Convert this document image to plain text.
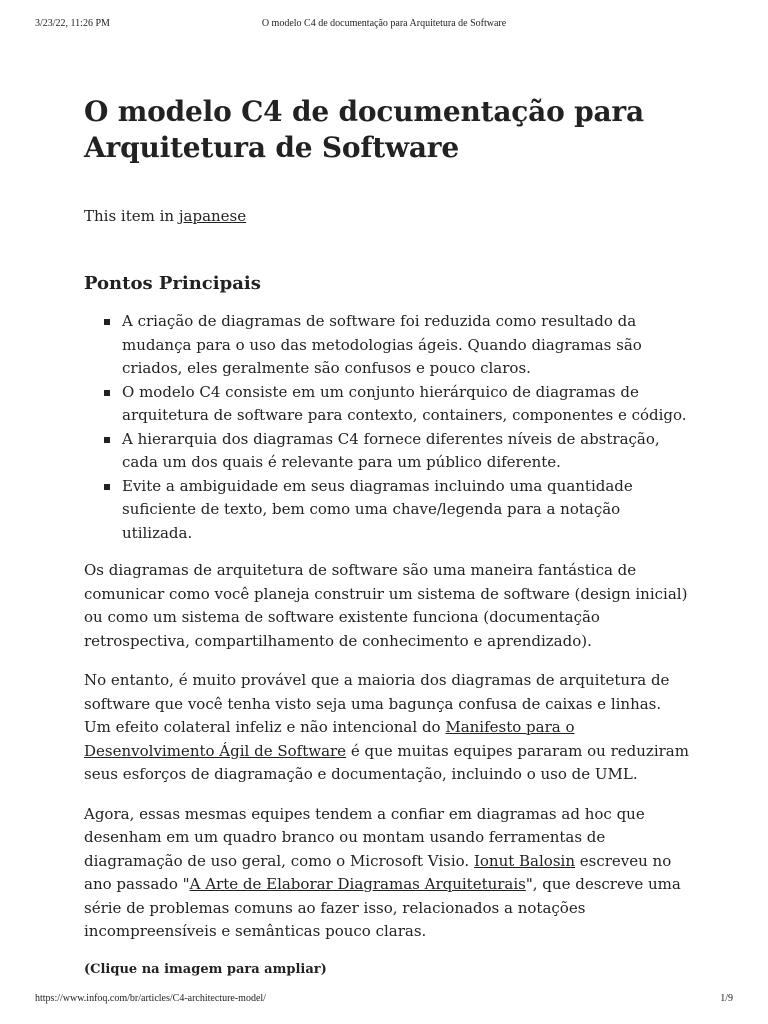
3/23/22, 11:26 PM	O modelo C4 de documentação para Arquitetura de Software
O modelo C4 de documentação para Arquitetura de Software
This item in japanese
Pontos Principais
A criação de diagramas de software foi reduzida como resultado da mudança para o uso das metodologias ágeis. Quando diagramas são criados, eles geralmente são confusos e pouco claros.
O modelo C4 consiste em um conjunto hierárquico de diagramas de arquitetura de software para contexto, containers, componentes e código.
A hierarquia dos diagramas C4 fornece diferentes níveis de abstração, cada um dos quais é relevante para um público diferente.
Evite a ambiguidade em seus diagramas incluindo uma quantidade suficiente de texto, bem como uma chave/legenda para a notação utilizada.

Os diagramas de arquitetura de software são uma maneira fantástica de comunicar como você planeja construir um sistema de software (design inicial) ou como um sistema de software existente funciona (documentação retrospectiva, compartilhamento de conhecimento e aprendizado).

No entanto, é muito provável que a maioria dos diagramas de arquitetura de software que você tenha visto seja uma bagunça confusa de caixas e linhas. Um efeito colateral infeliz e não intencional do Manifesto para o Desenvolvimento Ágil de Software é que muitas equipes pararam ou reduziram seus esforços de diagramação e documentação, incluindo o uso de UML.

Agora, essas mesmas equipes tendem a confiar em diagramas ad hoc que desenham em um quadro branco ou montam usando ferramentas de diagramação de uso geral, como o Microsoft Visio. Ionut Balosin escreveu no ano passado "A Arte de Elaborar Diagramas Arquiteturais", que descreve uma série de problemas comuns ao fazer isso, relacionados a notações incompreensíveis e semânticas pouco claras.

(Clique na imagem para ampliar)

https://www.infoq.com/br/articles/C4-architecture-model/	1/9
